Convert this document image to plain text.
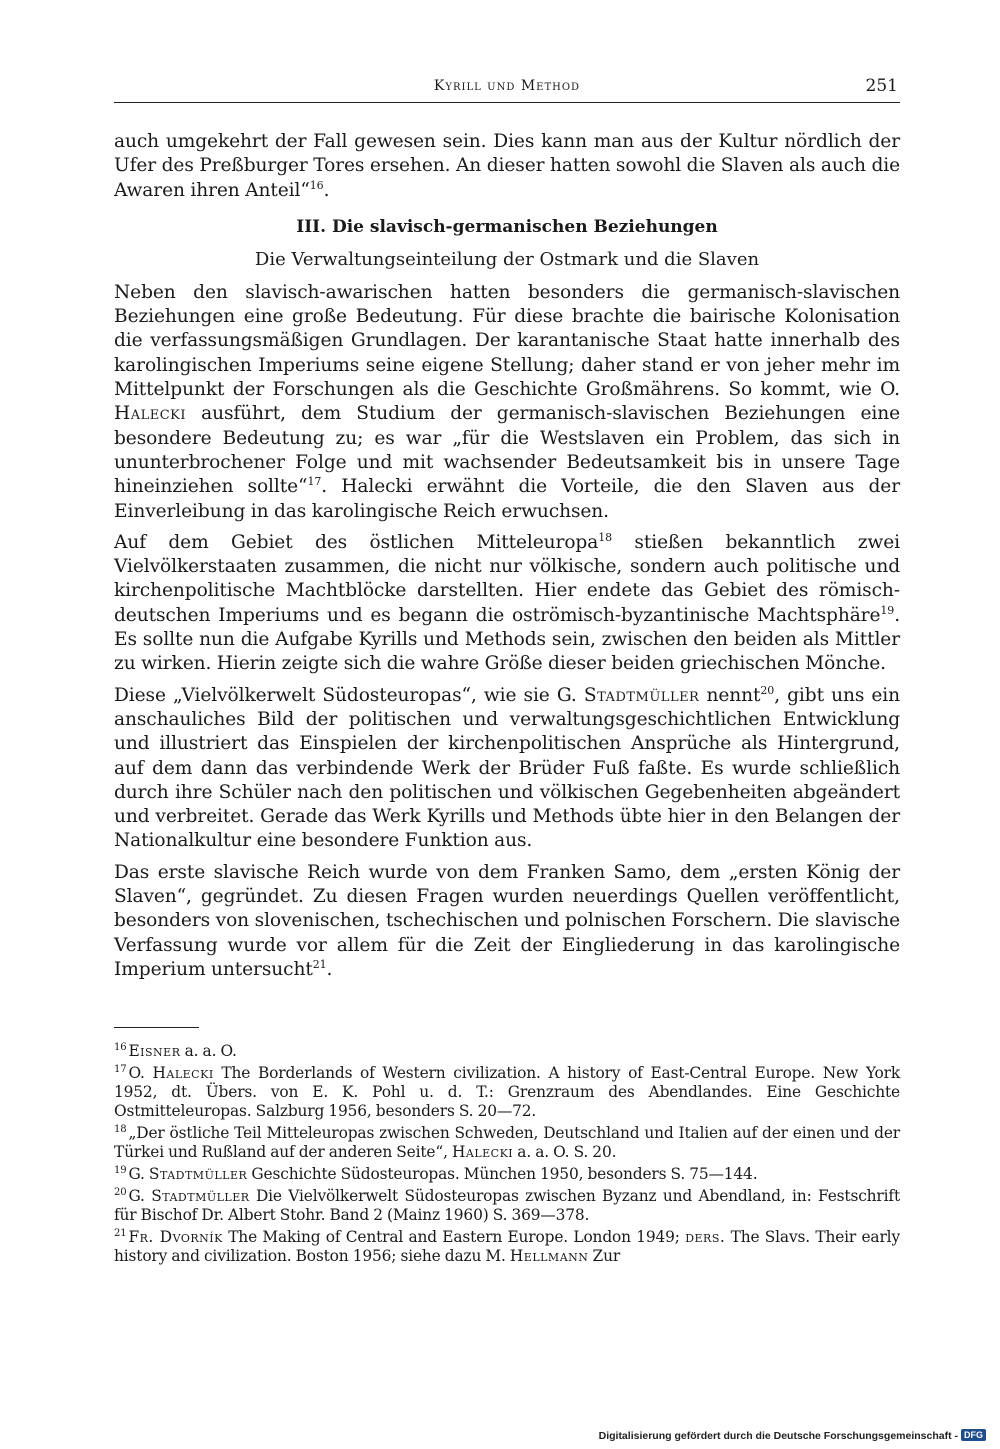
Kyrill und Method	251

auch umgekehrt der Fall gewesen sein. Dies kann man aus der Kultur nördlich der Ufer des Preßburger Tores ersehen. An dieser hatten sowohl die Slaven als auch die Awaren ihren Anteil“$^{16}$.

III. Die slavisch-germanischen Beziehungen
Die Verwaltungseinteilung der Ostmark und die Slaven

Neben den slavisch-awarischen hatten besonders die germanisch-slavischen Beziehungen eine große Bedeutung. Für diese brachte die bairische Kolonisation die verfassungsmäßigen Grundlagen. Der karantanische Staat hatte innerhalb des karolingischen Imperiums seine eigene Stellung; daher stand er von jeher mehr im Mittelpunkt der Forschungen als die Geschichte Großmährens. So kommt, wie O. Halecki ausführt, dem Studium der germanisch-slavischen Beziehungen eine besondere Bedeutung zu; es war „für die Westslaven ein Problem, das sich in ununterbrochener Folge und mit wachsender Bedeutsamkeit bis in unsere Tage hineinziehen sollte“$^{17}$. Halecki erwähnt die Vorteile, die den Slaven aus der Einverleibung in das karolingische Reich erwuchsen.

Auf dem Gebiet des östlichen Mitteleuropa$^{18}$ stießen bekanntlich zwei Vielvölkerstaaten zusammen, die nicht nur völkische, sondern auch politische und kirchenpolitische Machtblöcke darstellten. Hier endete das Gebiet des römisch-deutschen Imperiums und es begann die oströmisch-byzantinische Machtsphäre$^{19}$. Es sollte nun die Aufgabe Kyrills und Methods sein, zwischen den beiden als Mittler zu wirken. Hierin zeigte sich die wahre Größe dieser beiden griechischen Mönche.

Diese „Vielvölkerwelt Südosteuropas“, wie sie G. Stadtmüller nennt$^{20}$, gibt uns ein anschauliches Bild der politischen und verwaltungsgeschichtlichen Entwicklung und illustriert das Einspielen der kirchenpolitischen Ansprüche als Hintergrund, auf dem dann das verbindende Werk der Brüder Fuß faßte. Es wurde schließlich durch ihre Schüler nach den politischen und völkischen Gegebenheiten abgeändert und verbreitet. Gerade das Werk Kyrills und Methods übte hier in den Belangen der Nationalkultur eine besondere Funktion aus.

Das erste slavische Reich wurde von dem Franken Samo, dem „ersten König der Slaven“, gegründet. Zu diesen Fragen wurden neuerdings Quellen veröffentlicht, besonders von slovenischen, tschechischen und polnischen Forschern. Die slavische Verfassung wurde vor allem für die Zeit der Eingliederung in das karolingische Imperium untersucht$^{21}$.

$^{16}$ Eisner a. a. O.

$^{17}$ O. Halecki The Borderlands of Western civilization. A history of East-Central Europe. New York 1952, dt. Übers. von E. K. Pohl u. d. T.: Grenzraum des Abendlandes. Eine Geschichte Ostmitteleuropas. Salzburg 1956, besonders S. 20—72.

$^{18}$ „Der östliche Teil Mitteleuropas zwischen Schweden, Deutschland und Italien auf der einen und der Türkei und Rußland auf der anderen Seite“, Halecki a. a. O. S. 20.

$^{19}$ G. Stadtmüller Geschichte Südosteuropas. München 1950, besonders S. 75—144.

$^{20}$ G. Stadtmüller Die Vielvölkerwelt Südosteuropas zwischen Byzanz und Abendland, in: Festschrift für Bischof Dr. Albert Stohr. Band 2 (Mainz 1960) S. 369—378.

$^{21}$ Fr. Dvorník The Making of Central and Eastern Europe. London 1949; ders. The Slavs. Their early history and civilization. Boston 1956; siehe dazu M. Hellmann Zur

Digitalisierung gefördert durch die Deutsche Forschungsgemeinschaft - DFG
